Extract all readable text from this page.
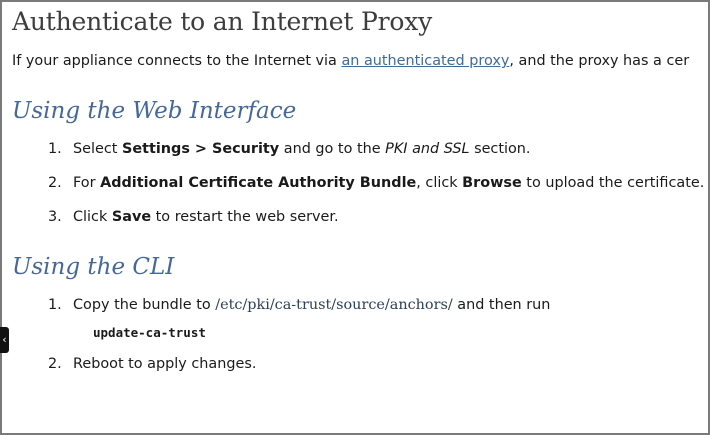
Authenticate to an Internet Proxy

If your appliance connects to the Internet via an authenticated proxy, and the proxy has a cer

Using the Web Interface
1. Select Settings > Security and go to the PKI and SSL section.
2. For Additional Certificate Authority Bundle, click Browse to upload the certificate.
3. Click Save to restart the web server.
Using the CLI
1. Copy the bundle to /etc/pki/ca-trust/source/anchors/ and then run
update-ca-trust
2. Reboot to apply changes.
‹
